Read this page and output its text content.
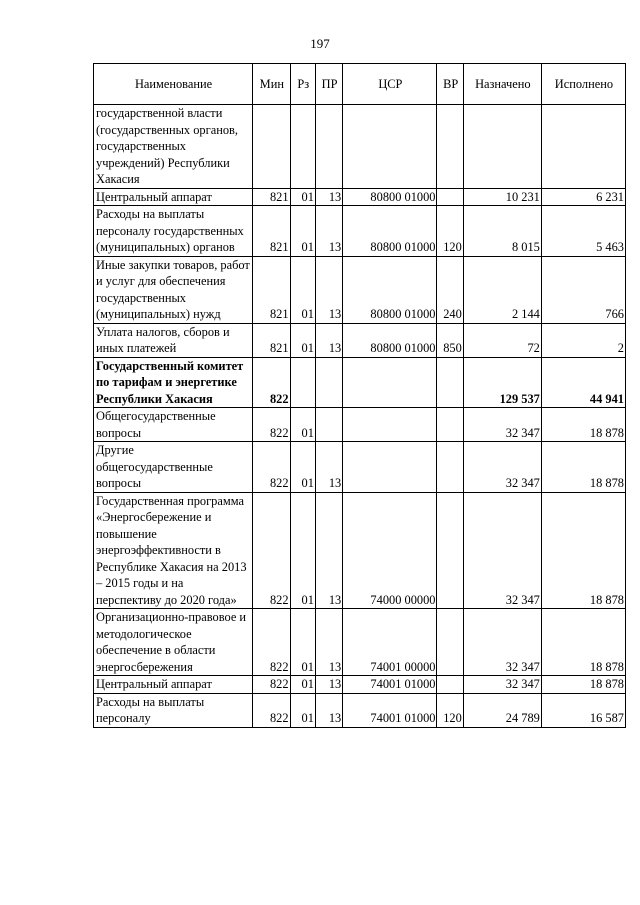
197
Наименование	Мин	Рз	ПР	ЦСР	ВР	Назначено	Исполнено
государственной власти (государственных органов, государственных учреждений) Республики Хакасия							
Центральный аппарат	821	01	13	80800 01000		10 231	6 231
Расходы на выплаты персоналу государственных (муниципальных) органов	821	01	13	80800 01000	120	8 015	5 463
Иные закупки товаров, работ и услуг для обеспечения государственных (муниципальных) нужд	821	01	13	80800 01000	240	2 144	766
Уплата налогов, сборов и иных платежей	821	01	13	80800 01000	850	72	2
Государственный комитет по тарифам и энергетике Республики Хакасия	822					129 537	44 941
Общегосударственные вопросы	822	01				32 347	18 878
Другие общегосударственные вопросы	822	01	13			32 347	18 878
Государственная программа «Энергосбережение и повышение энергоэффективности в Республике Хакасия на 2013 – 2015 годы и на перспективу до 2020 года»	822	01	13	74000 00000		32 347	18 878
Организационно-правовое и методологическое обеспечение в области энергосбережения	822	01	13	74001 00000		32 347	18 878
Центральный аппарат	822	01	13	74001 01000		32 347	18 878
Расходы на выплаты персоналу	822	01	13	74001 01000	120	24 789	16 587
